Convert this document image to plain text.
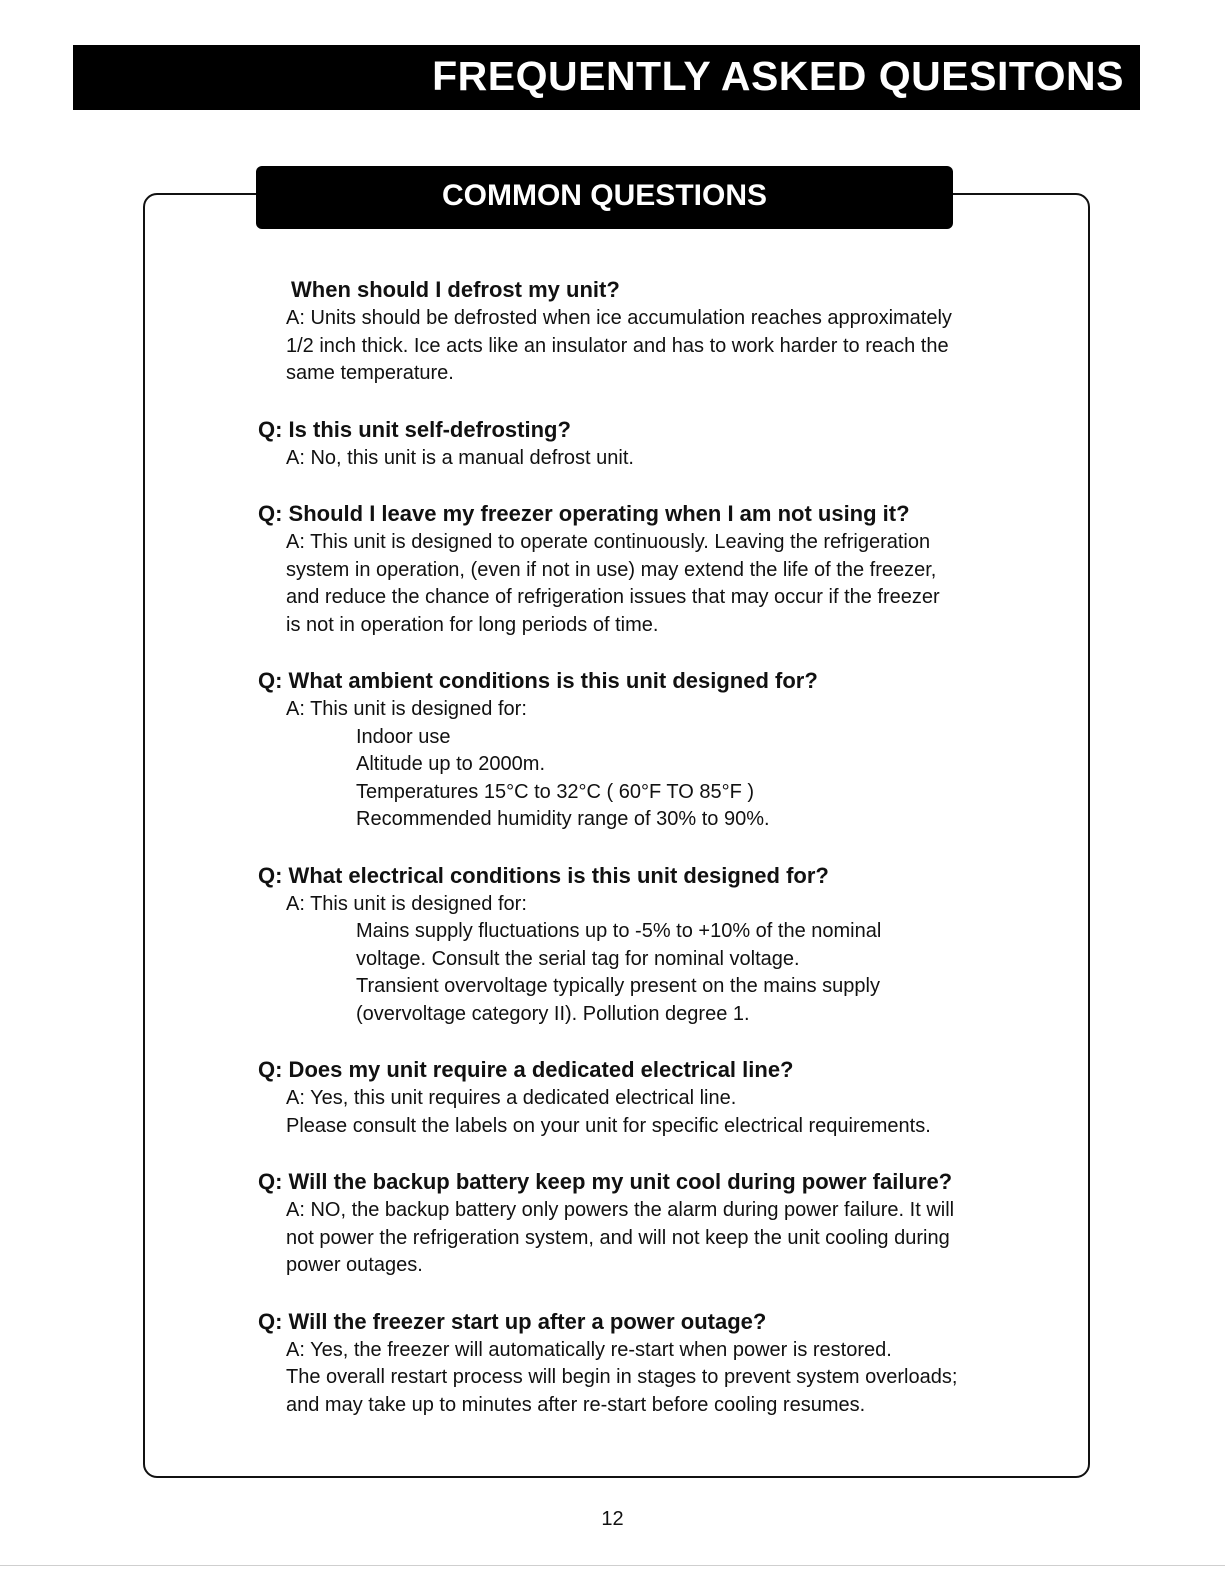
FREQUENTLY ASKED QUESITONS
COMMON QUESTIONS
When should I defrost my unit?
A: Units should be defrosted when ice accumulation reaches approximately
1/2 inch thick. Ice acts like an insulator and has to work harder to reach the
same temperature.
Q: Is this unit self-defrosting?
A: No, this unit is a manual defrost unit.
Q: Should I leave my freezer operating when I am not using it?
A: This unit is designed to operate continuously. Leaving the refrigeration
system in operation, (even if not in use) may extend the life of the freezer,
and reduce the chance of refrigeration issues that may occur if the freezer
is not in operation for long periods of time.
Q: What ambient conditions is this unit designed for?
A: This unit is designed for:
Indoor use
Altitude up to 2000m.
Temperatures 15°C to 32°C ( 60°F TO 85°F )
Recommended humidity range of 30% to 90%.
Q: What electrical conditions is this unit designed for?
A: This unit is designed for:
Mains supply fluctuations up to -5% to +10% of the nominal
voltage. Consult the serial tag for nominal voltage.
Transient overvoltage typically present on the mains supply
(overvoltage category II). Pollution degree 1.
Q: Does my unit require a dedicated electrical line?
A: Yes, this unit requires a dedicated electrical line.
Please consult the labels on your unit for specific electrical requirements.
Q: Will the backup battery keep my unit cool during power failure?
A: NO, the backup battery only powers the alarm during power failure. It will
not power the refrigeration system, and will not keep the unit cooling during
power outages.
Q: Will the freezer start up after a power outage?
A: Yes, the freezer will automatically re-start when power is restored.
The overall restart process will begin in stages to prevent system overloads;
and may take up to minutes after re-start before cooling resumes.
12
